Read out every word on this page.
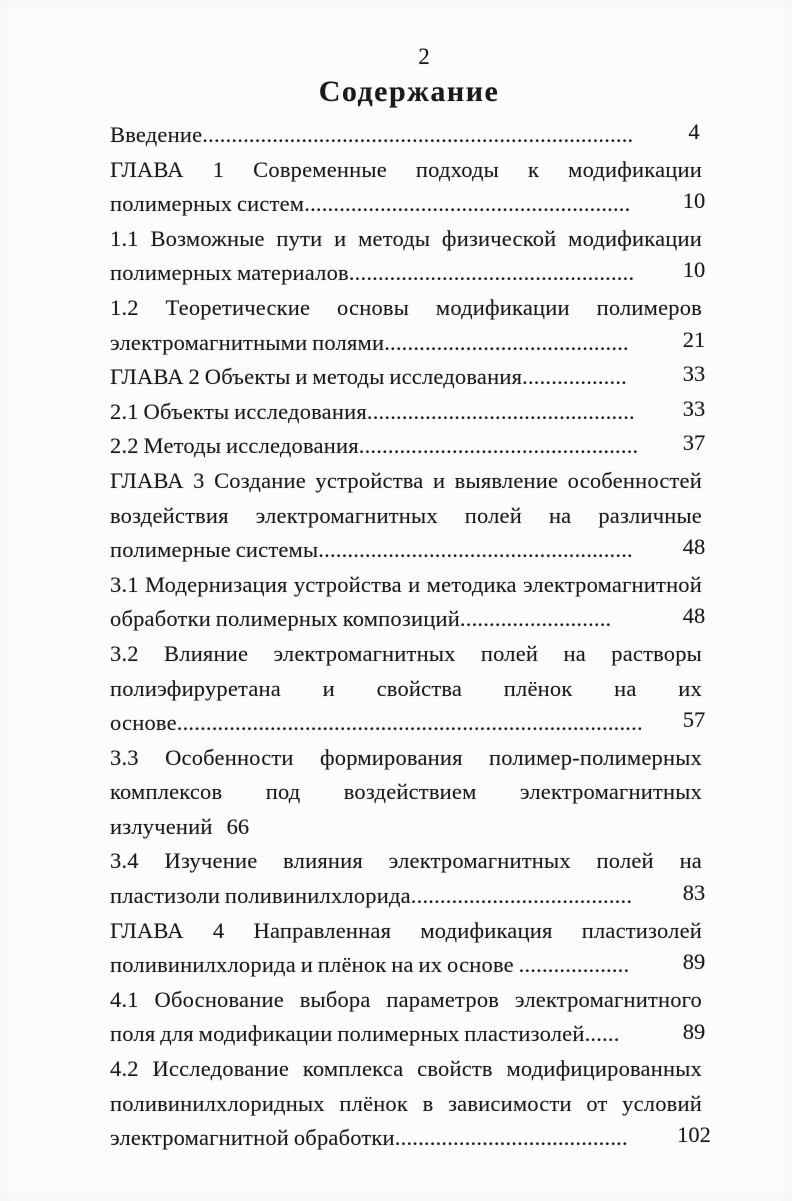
2
Содержание
Введение..........................................................................	4
ГЛАВА 1 Современные подходы к модификации полимерных систем........................................................	10
1.1 Возможные пути и методы физической модификации полимерных материалов.................................................	10
1.2 Теоретические основы модификации полимеров электромагнитными полями..........................................	21
ГЛАВА 2 Объекты и методы исследования..................	33
2.1 Объекты исследования..............................................	33
2.2 Методы исследования................................................	37
ГЛАВА 3 Создание устройства и выявление особенностей воздействия электромагнитных полей на различные полимерные системы......................................................	48
3.1 Модернизация устройства и методика электромагнитной обработки полимерных композиций..........................	48
3.2 Влияние электромагнитных полей на растворы полиэфируретана и свойства плёнок на их основе................................................................................	57
3.3 Особенности формирования полимер-полимерных комплексов под воздействием электромагнитных излучений 66
3.4 Изучение влияния электромагнитных полей на пластизоли поливинилхлорида......................................	83
ГЛАВА 4 Направленная модификация пластизолей поливинилхлорида и плёнок на их основе ...................	89
4.1 Обоснование выбора параметров электромагнитного поля для модификации полимерных пластизолей......	89
4.2 Исследование комплекса свойств модифицированных поливинилхлоридных плёнок в зависимости от условий электромагнитной обработки........................................	102
